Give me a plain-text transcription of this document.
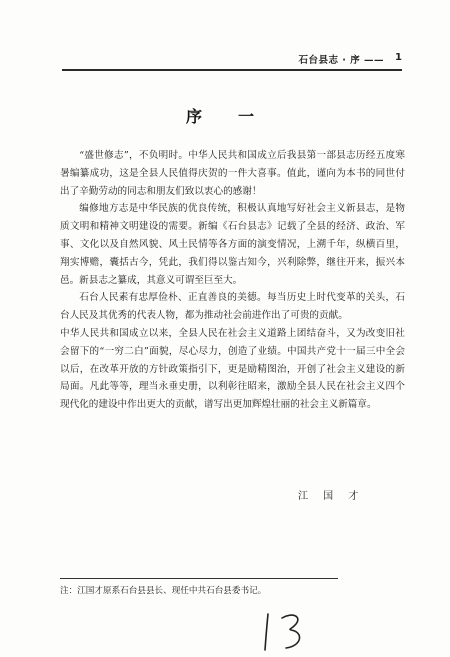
石台县志 · 序 —— 1
序　一

“盛世修志”，不负明时。中华人民共和国成立后我县第一部县志历经五度寒暑编纂成功，这是全县人民值得庆贺的一件大喜事。值此，谨向为本书的同世付出了辛勤劳动的同志和朋友们致以衷心的感谢！

编修地方志是中华民族的优良传统，积极认真地写好社会主义新县志，是物质文明和精神文明建设的需要。新编《石台县志》记载了全县的经济、政治、军事、文化以及自然风貌、风土民情等各方面的演变情况，上溯千年，纵横百里，翔实博赡，囊括古今，凭此，我们得以鉴古知今，兴利除弊，继往开来，振兴本邑。新县志之纂成，其意义可谓至巨至大。

石台人民素有忠厚俭朴、正直善良的美德。每当历史上时代变革的关头，石台人民及其优秀的代表人物，都为推动社会前进作出了可贵的贡献。

中华人民共和国成立以来，全县人民在社会主义道路上团结奋斗，又为改变旧社会留下的“一穷二白”面貌，尽心尽力，创造了业绩。中国共产党十一届三中全会以后，在改革开放的方针政策指引下，更是励精图治，开创了社会主义建设的新局面。凡此等等，理当永垂史册，以利彰往昭来，激励全县人民在社会主义四个现代化的建设中作出更大的贡献，谱写出更加辉煌壮丽的社会主义新篇章。

江 国 才
注：江国才原系石台县县长、现任中共石台县委书记。
